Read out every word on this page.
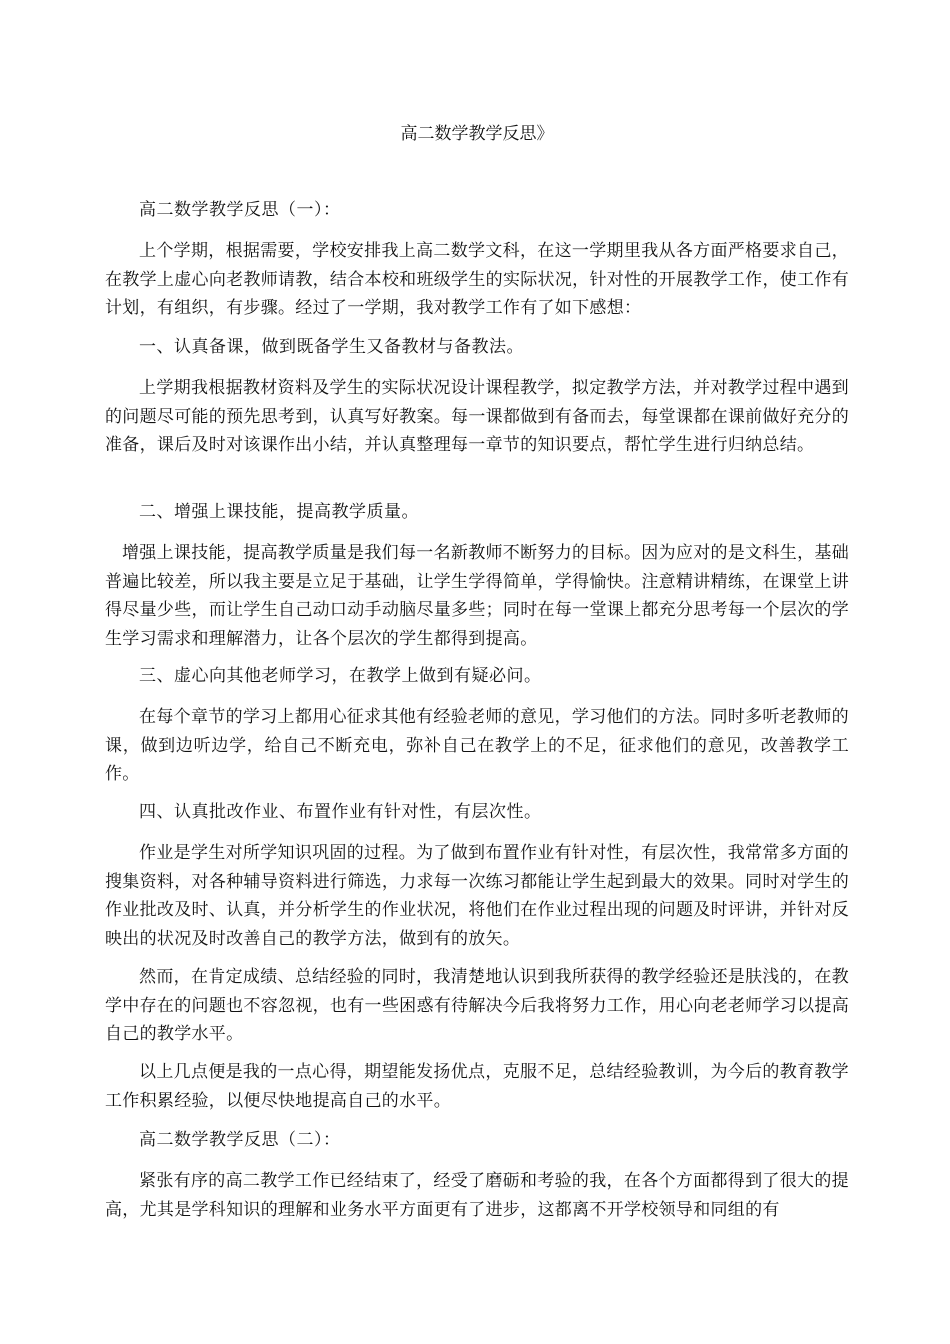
高二数学教学反思》

高二数学教学反思（一）：

上个学期，根据需要，学校安排我上高二数学文科，在这一学期里我从各方面严格要求自己，在教学上虚心向老教师请教，结合本校和班级学生的实际状况，针对性的开展教学工作，使工作有计划，有组织，有步骤。经过了一学期，我对教学工作有了如下感想：

一、认真备课，做到既备学生又备教材与备教法。

上学期我根据教材资料及学生的实际状况设计课程教学，拟定教学方法，并对教学过程中遇到的问题尽可能的预先思考到，认真写好教案。每一课都做到有备而去，每堂课都在课前做好充分的准备，课后及时对该课作出小结，并认真整理每一章节的知识要点，帮忙学生进行归纳总结。

二、增强上课技能，提高教学质量。

增强上课技能，提高教学质量是我们每一名新教师不断努力的目标。因为应对的是文科生，基础普遍比较差，所以我主要是立足于基础，让学生学得简单，学得愉快。注意精讲精练，在课堂上讲得尽量少些，而让学生自己动口动手动脑尽量多些；同时在每一堂课上都充分思考每一个层次的学生学习需求和理解潜力，让各个层次的学生都得到提高。

三、虚心向其他老师学习，在教学上做到有疑必问。

在每个章节的学习上都用心征求其他有经验老师的意见，学习他们的方法。同时多听老教师的课，做到边听边学，给自己不断充电，弥补自己在教学上的不足，征求他们的意见，改善教学工作。

四、认真批改作业、布置作业有针对性，有层次性。

作业是学生对所学知识巩固的过程。为了做到布置作业有针对性，有层次性，我常常多方面的搜集资料，对各种辅导资料进行筛选，力求每一次练习都能让学生起到最大的效果。同时对学生的作业批改及时、认真，并分析学生的作业状况，将他们在作业过程出现的问题及时评讲，并针对反映出的状况及时改善自己的教学方法，做到有的放矢。

然而，在肯定成绩、总结经验的同时，我清楚地认识到我所获得的教学经验还是肤浅的，在教学中存在的问题也不容忽视，也有一些困惑有待解决今后我将努力工作，用心向老老师学习以提高自己的教学水平。

以上几点便是我的一点心得，期望能发扬优点，克服不足，总结经验教训，为今后的教育教学工作积累经验，以便尽快地提高自己的水平。

高二数学教学反思（二）：

紧张有序的高二教学工作已经结束了，经受了磨砺和考验的我，在各个方面都得到了很大的提高，尤其是学科知识的理解和业务水平方面更有了进步，这都离不开学校领导和同组的有
